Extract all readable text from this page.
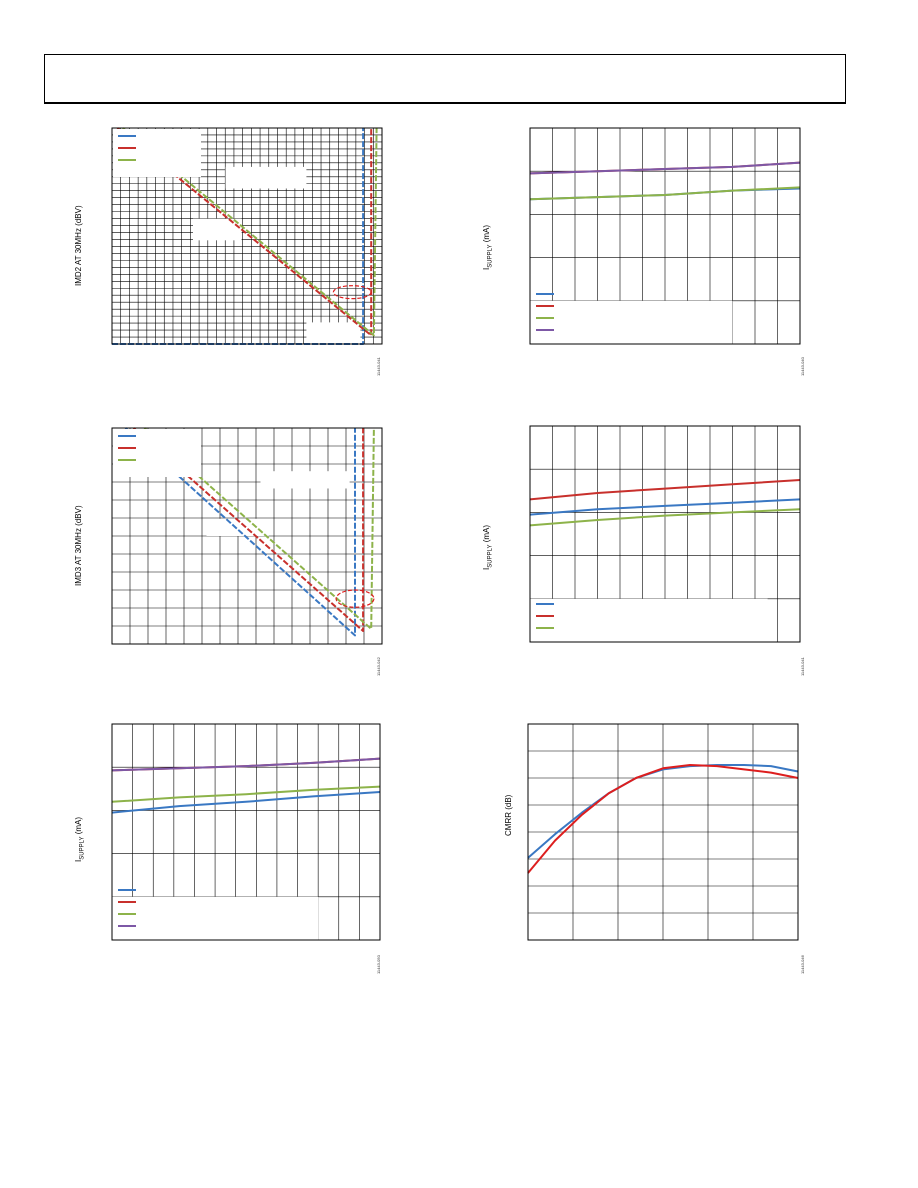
IMD2 AT 30MHz (dBV)
11443-041
$I_{SUPPLY}$ (mA)
11443-040
IMD3 AT 30MHz (dBV)
11443-042
$I_{SUPPLY}$ (mA)
11443-041
$I_{SUPPLY}$ (mA)
11443-050
CMRR (dB)
11443-046
